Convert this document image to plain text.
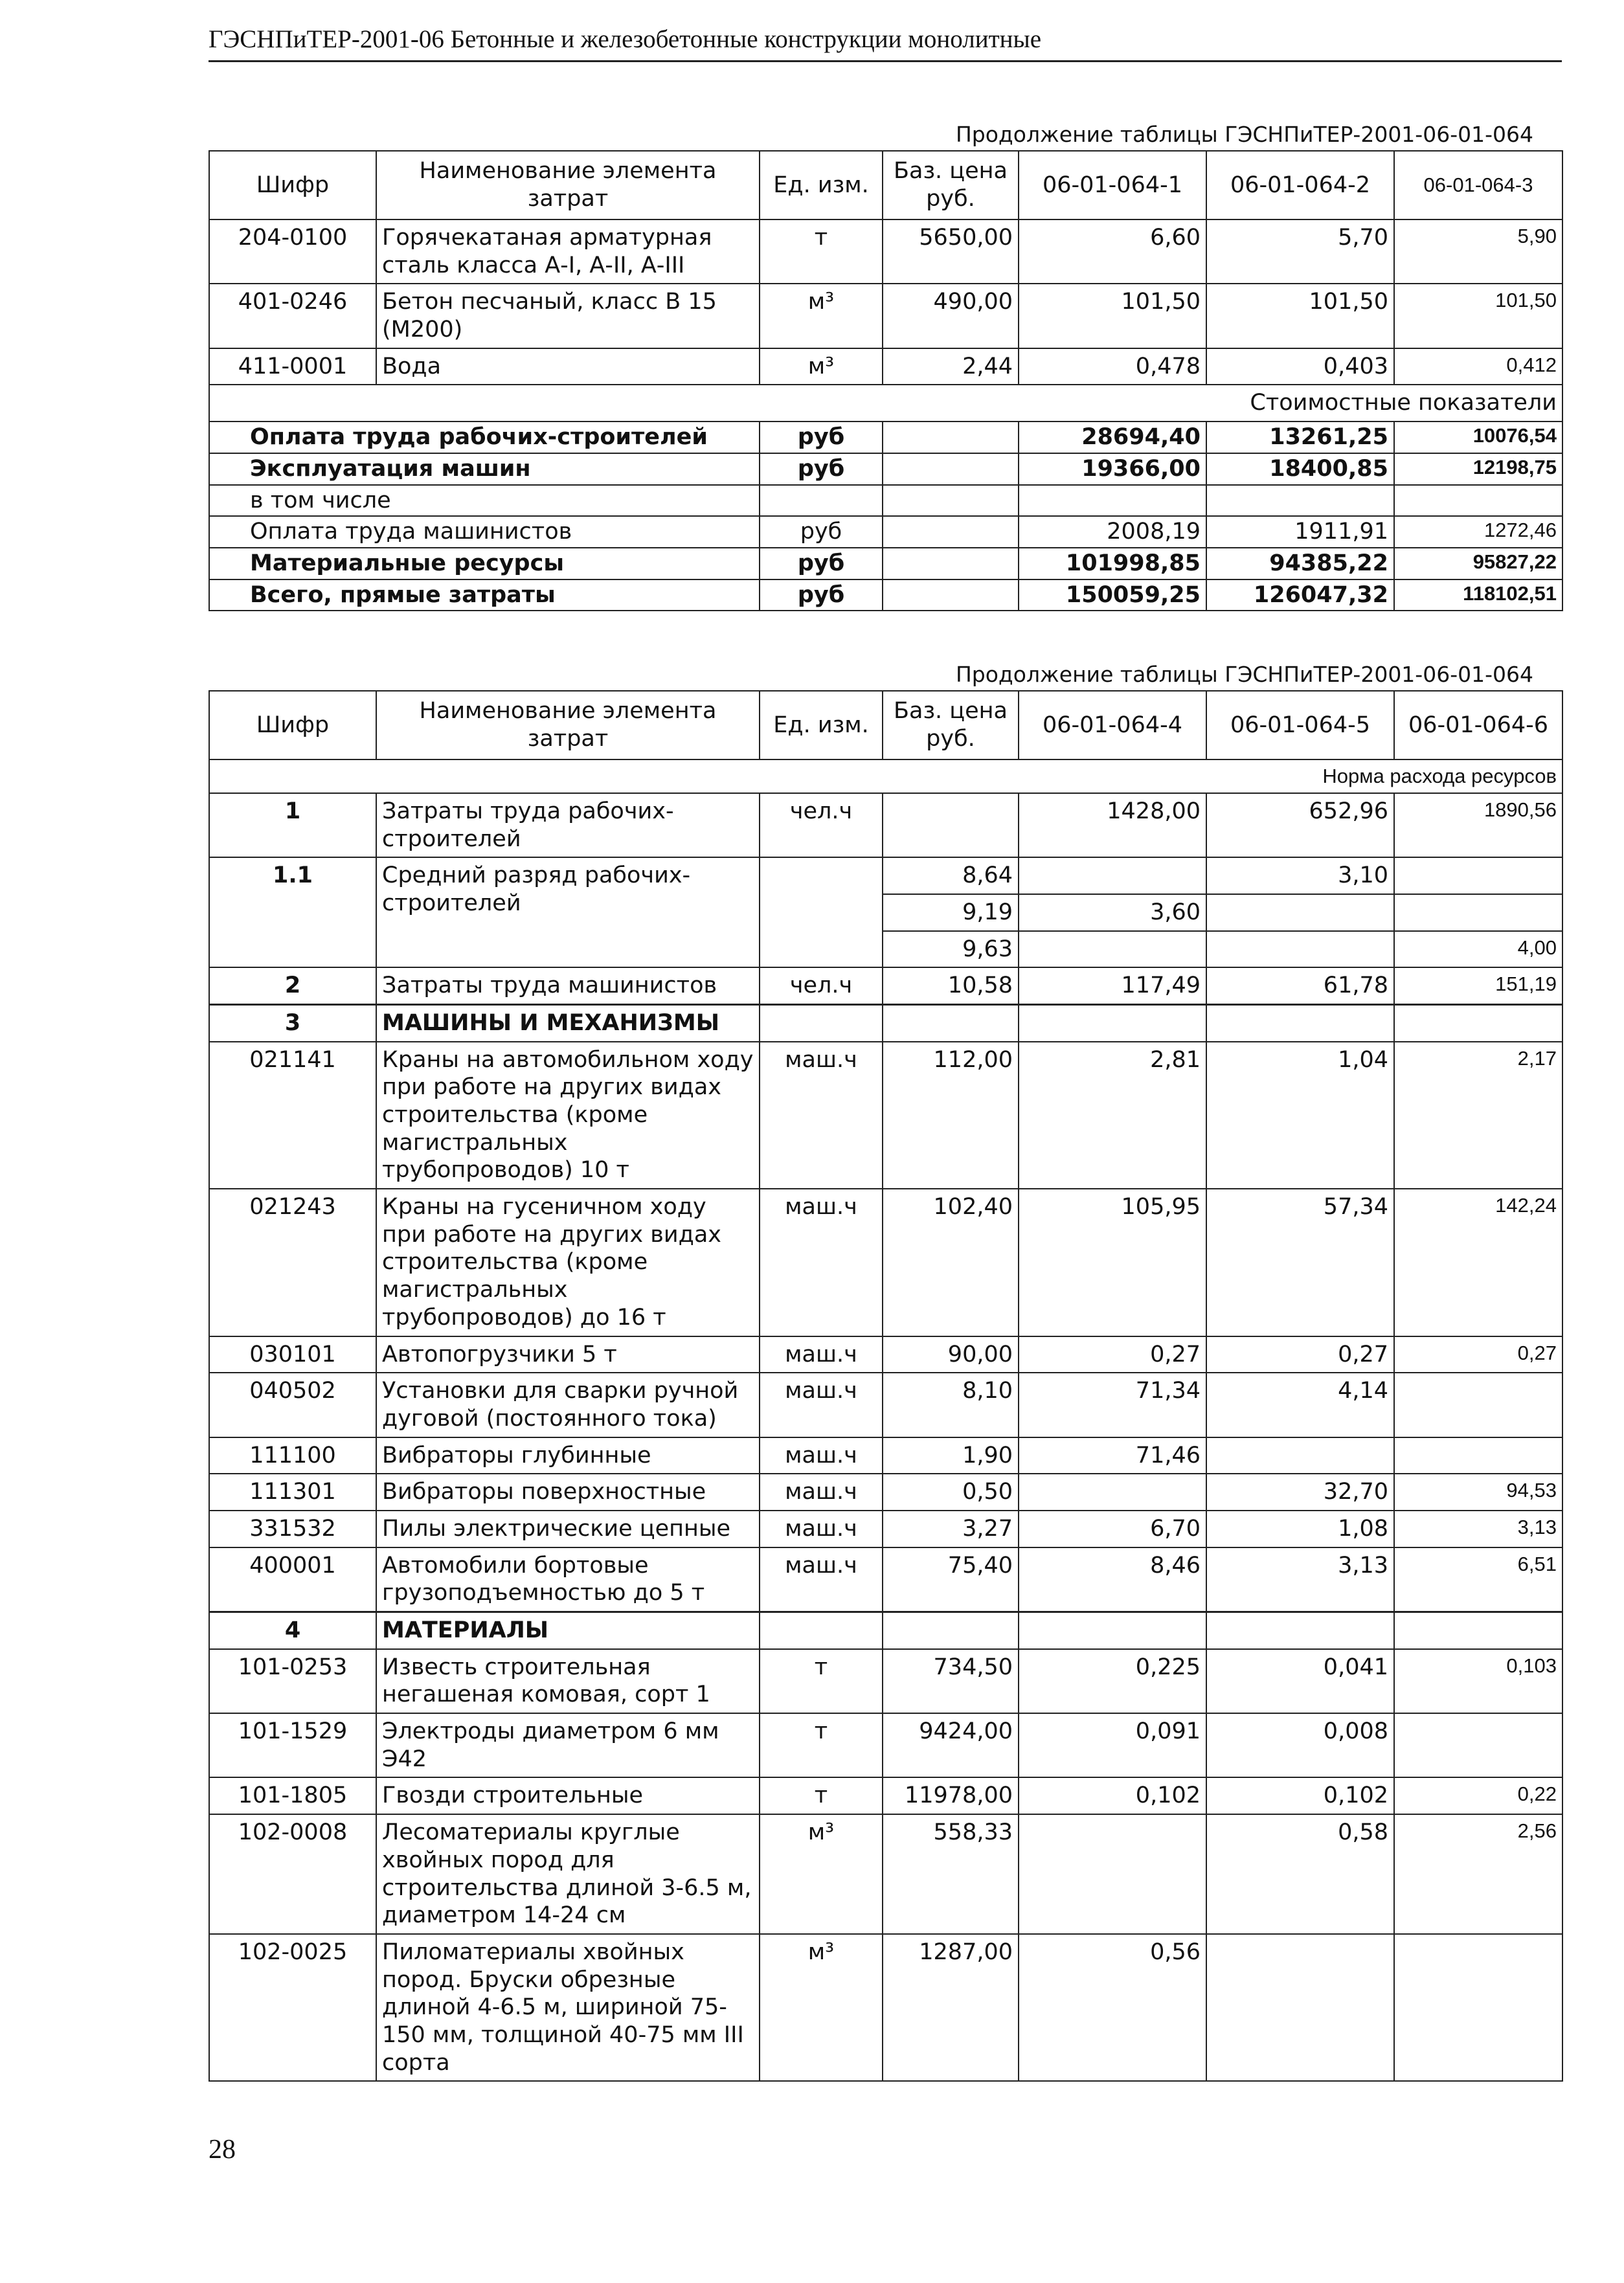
ГЭСНПиТЕР-2001-06 Бетонные и железобетонные конструкции монолитные
Продолжение таблицы ГЭСНПиТЕР-2001-06-01-064
Шифр	Наименование элемента затрат	Ед. изм.	Баз. цена руб.	06-01-064-1	06-01-064-2	06-01-064-3
204-0100	Горячекатаная арматурная сталь класса А-I, А-II, А-III	т	5650,00	6,60	5,70	5,90
401-0246	Бетон песчаный, класс В 15 (М200)	м³	490,00	101,50	101,50	101,50
411-0001	Вода	м³	2,44	0,478	0,403	0,412
Стоимостные показатели						
Оплата труда рабочих-строителей		руб		28694,40	13261,25	10076,54
Эксплуатация машин		руб		19366,00	18400,85	12198,75
в том числе						
Оплата труда машинистов		руб		2008,19	1911,91	1272,46
Материальные ресурсы		руб		101998,85	94385,22	95827,22
Всего, прямые затраты		руб		150059,25	126047,32	118102,51
Продолжение таблицы ГЭСНПиТЕР-2001-06-01-064
Шифр	Наименование элемента затрат	Ед. изм.	Баз. цена руб.	06-01-064-4	06-01-064-5	06-01-064-6
Норма расхода ресурсов						
1	Затраты труда рабочих-строителей	чел.ч		1428,00	652,96	1890,56
1.1	Средний разряд рабочих-строителей		8,64		3,10	
			9,19	3,60		
			9,63			4,00
2	Затраты труда машинистов	чел.ч	10,58	117,49	61,78	151,19
3	МАШИНЫ И МЕХАНИЗМЫ					
021141	Краны на автомобильном ходу при работе на других видах строительства (кроме магистральных трубопроводов) 10 т	маш.ч	112,00	2,81	1,04	2,17
021243	Краны на гусеничном ходу при работе на других видах строительства (кроме магистральных трубопроводов) до 16 т	маш.ч	102,40	105,95	57,34	142,24
030101	Автопогрузчики 5 т	маш.ч	90,00	0,27	0,27	0,27
040502	Установки для сварки ручной дуговой (постоянного тока)	маш.ч	8,10	71,34	4,14	
111100	Вибраторы глубинные	маш.ч	1,90	71,46		
111301	Вибраторы поверхностные	маш.ч	0,50		32,70	94,53
331532	Пилы электрические цепные	маш.ч	3,27	6,70	1,08	3,13
400001	Автомобили бортовые грузоподъемностью до 5 т	маш.ч	75,40	8,46	3,13	6,51
4	МАТЕРИАЛЫ					
101-0253	Известь строительная негашеная комовая, сорт 1	т	734,50	0,225	0,041	0,103
101-1529	Электроды диаметром 6 мм Э42	т	9424,00	0,091	0,008	
101-1805	Гвозди строительные	т	11978,00	0,102	0,102	0,22
102-0008	Лесоматериалы круглые хвойных пород для строительства длиной 3-6.5 м, диаметром 14-24 см	м³	558,33		0,58	2,56
102-0025	Пиломатериалы хвойных пород. Бруски обрезные длиной 4-6.5 м, шириной 75-150 мм, толщиной 40-75 мм III сорта	м³	1287,00	0,56		
28
